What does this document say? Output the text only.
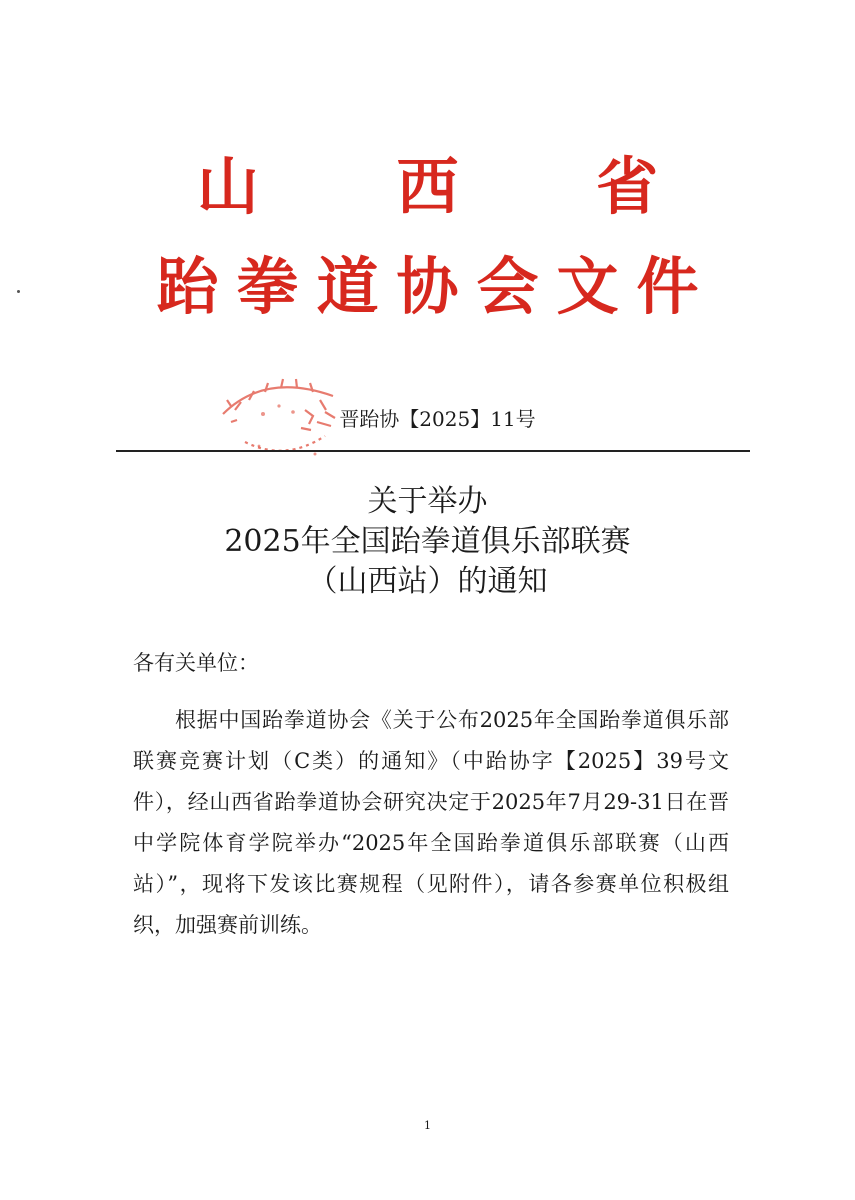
山 西 省
跆拳道协会文件
晋跆协【2025】11号
关于举办
2025年全国跆拳道俱乐部联赛
（山西站）的通知
各有关单位：
根据中国跆拳道协会《关于公布2025年全国跆拳道俱乐部联赛竞赛计划（C类）的通知》（中跆协字【2025】39号文件），经山西省跆拳道协会研究决定于2025年7月29-31日在晋中学院体育学院举办“2025年全国跆拳道俱乐部联赛（山西站）”，现将下发该比赛规程（见附件），请各参赛单位积极组织，加强赛前训练。
1
